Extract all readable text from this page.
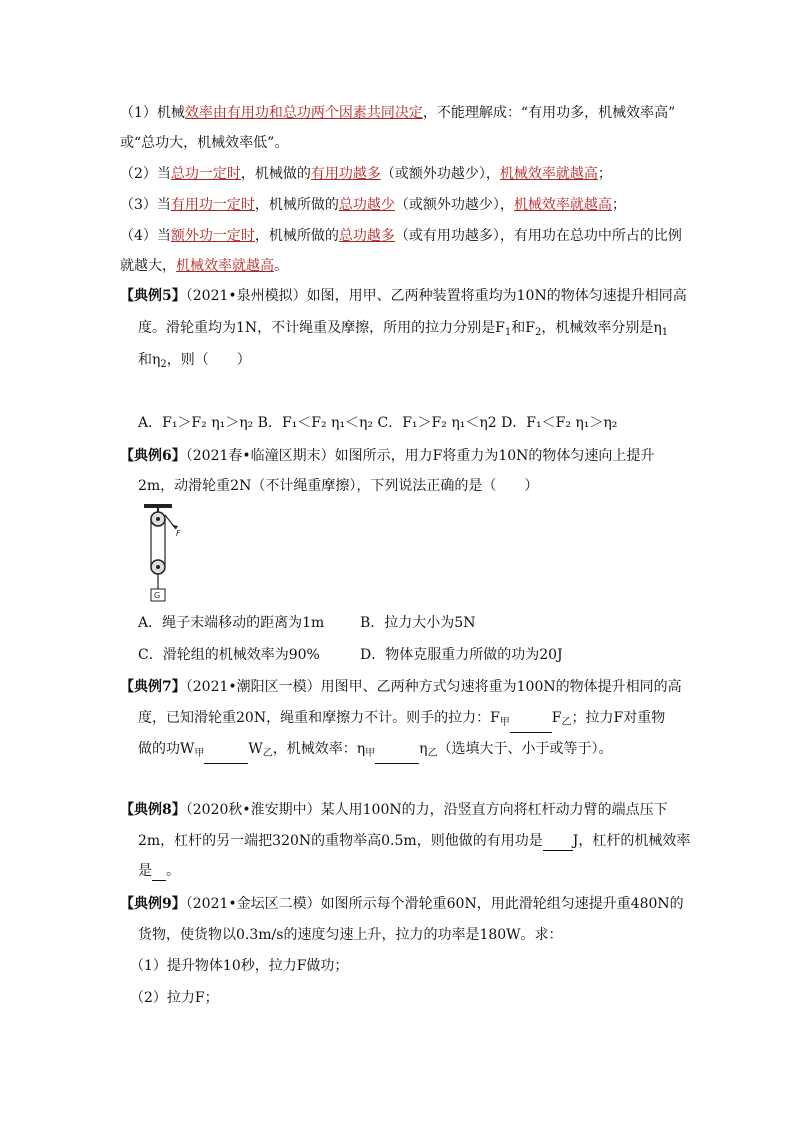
（1）机械效率由有用功和总功两个因素共同决定，不能理解成：“有用功多，机械效率高”
或“总功大，机械效率低”。
（2）当总功一定时，机械做的有用功越多（或额外功越少），机械效率就越高；
（3）当有用功一定时，机械所做的总功越少（或额外功越少），机械效率就越高；
（4）当额外功一定时，机械所做的总功越多（或有用功越多），有用功在总功中所占的比例
就越大，机械效率就越高。
【典例5】（2021•泉州模拟）如图，用甲、乙两种装置将重均为10N的物体匀速提升相同高
度。滑轮重均为1N，不计绳重及摩擦，所用的拉力分别是$F_1$和$F_2$，机械效率分别是$\eta_1$
和$\eta_2$，则（　　）
A．F₁＞F₂ η₁＞η₂ B．F₁＜F₂ η₁＜η₂ C．F₁＞F₂ η₁＜η2 D．F₁＜F₂ η₁＞η₂
【典例6】（2021春•临潼区期末）如图所示，用力F将重力为10N的物体匀速向上提升
2m，动滑轮重2N（不计绳重摩擦），下列说法正确的是（　　）
F
G
A．绳子末端移动的距离为1m	B．拉力大小为5N
C．滑轮组的机械效率为90%	D．物体克服重力所做的功为20J
【典例7】（2021•潮阳区一模）用图甲、乙两种方式匀速将重为100N的物体提升相同的高
度，已知滑轮重20N，绳重和摩擦力不计。则手的拉力：$F_甲$	$F_乙$；拉力F对重物
做的功$W_甲$	$W_乙$，机械效率：$\eta_甲$	$\eta_乙$（选填大于、小于或等于）。
【典例8】（2020秋•淮安期中）某人用100N的力，沿竖直方向将杠杆动力臂的端点压下
2m，杠杆的另一端把320N的重物举高0.5m，则他做的有用功是 J，杠杆的机械效率
是 。
【典例9】（2021•金坛区二模）如图所示每个滑轮重60N，用此滑轮组匀速提升重480N的
货物，使货物以0.3m/s的速度匀速上升，拉力的功率是180W。求：
（1）提升物体10秒，拉力F做功；
（2）拉力F；
